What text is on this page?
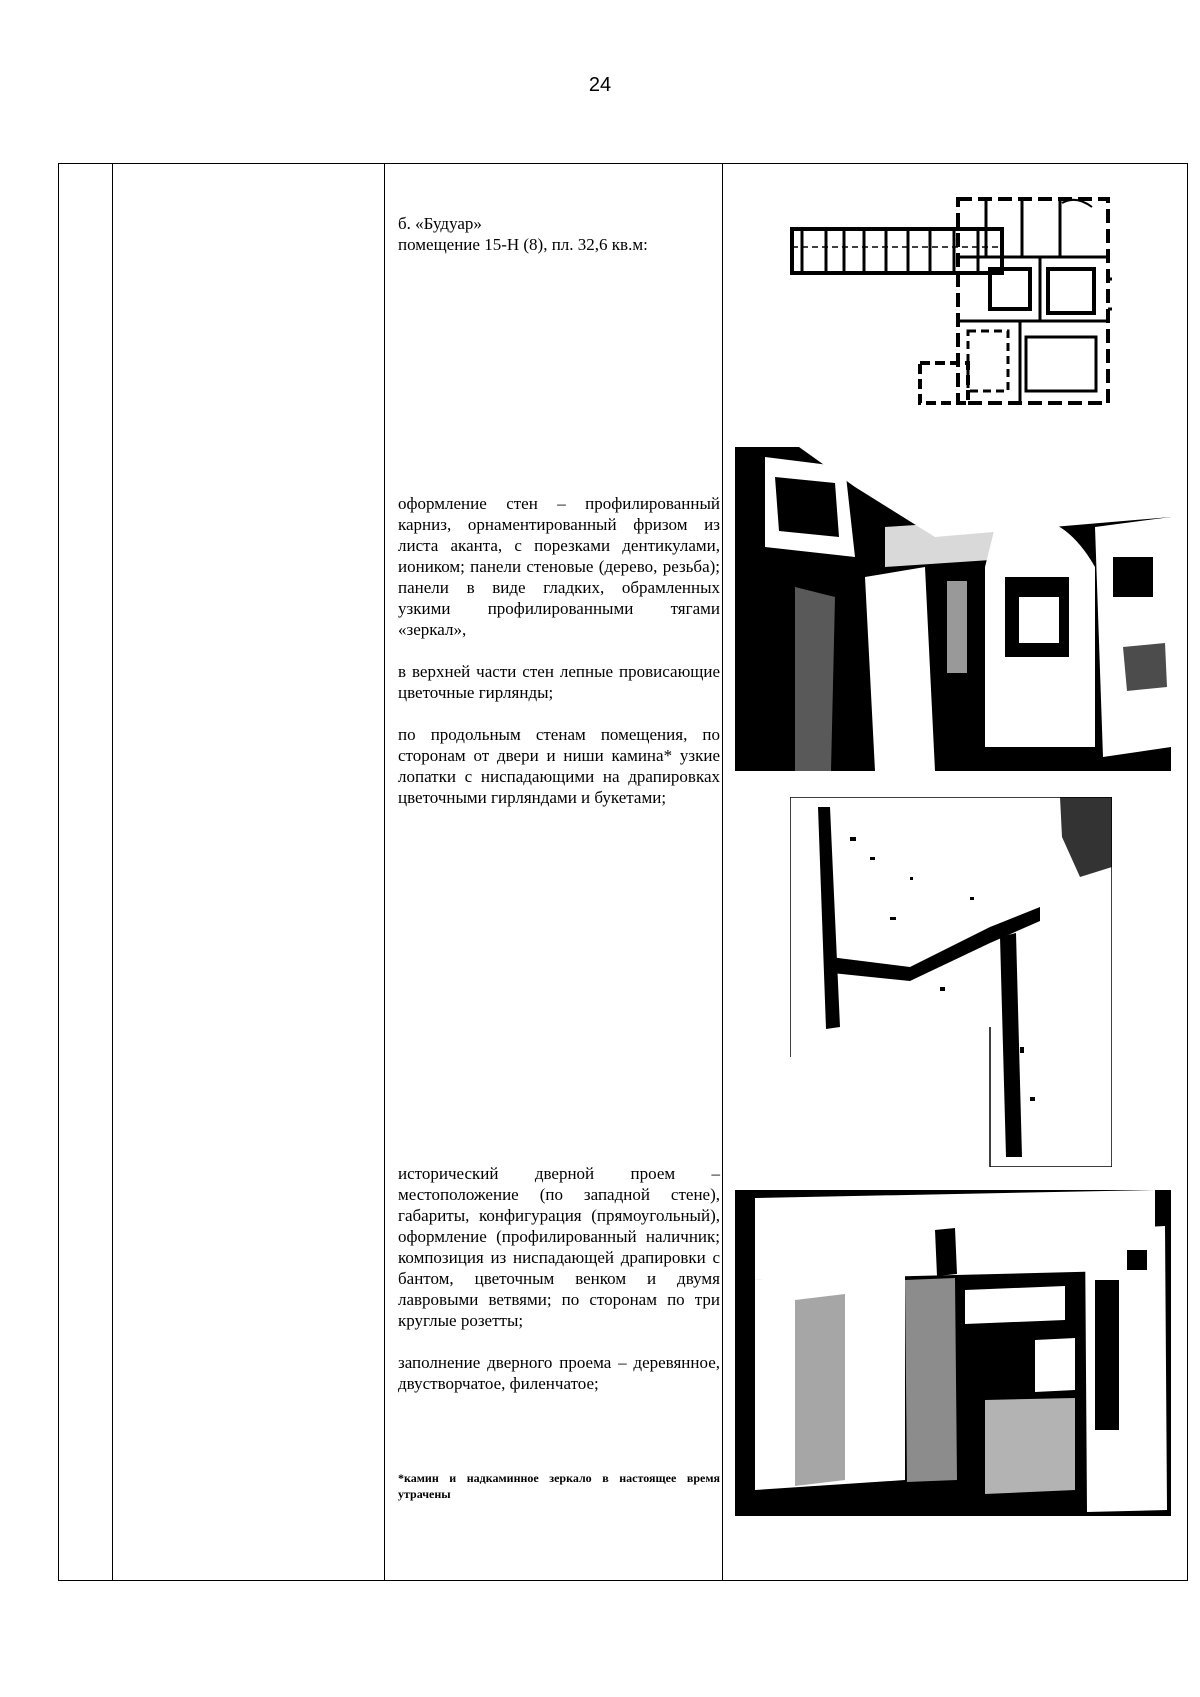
24

б. «Будуар»

помещение 15-Н (8), пл. 32,6 кв.м:

оформление стен – профилированный карниз, орнаментированный фризом из листа аканта, с порезками дентикулами, иоником; панели стеновые (дерево, резьба); панели в виде гладких, обрамленных узкими профилированными тягами «зеркал»,

в верхней части стен лепные провисающие цветочные гирлянды;

по продольным стенам помещения, по сторонам от двери и ниши камина* узкие лопатки с ниспадающими на драпировках цветочными гирляндами и букетами;

исторический дверной проем – местоположение (по западной стене), габариты, конфигурация (прямоугольный), оформление (профилированный наличник; композиция из ниспадающей драпировки с бантом, цветочным венком и двумя лавровыми ветвями; по сторонам по три круглые розетты;

заполнение дверного проема – деревянное, двустворчатое, филенчатое;

*камин и надкаминное зеркало в настоящее время утрачены
